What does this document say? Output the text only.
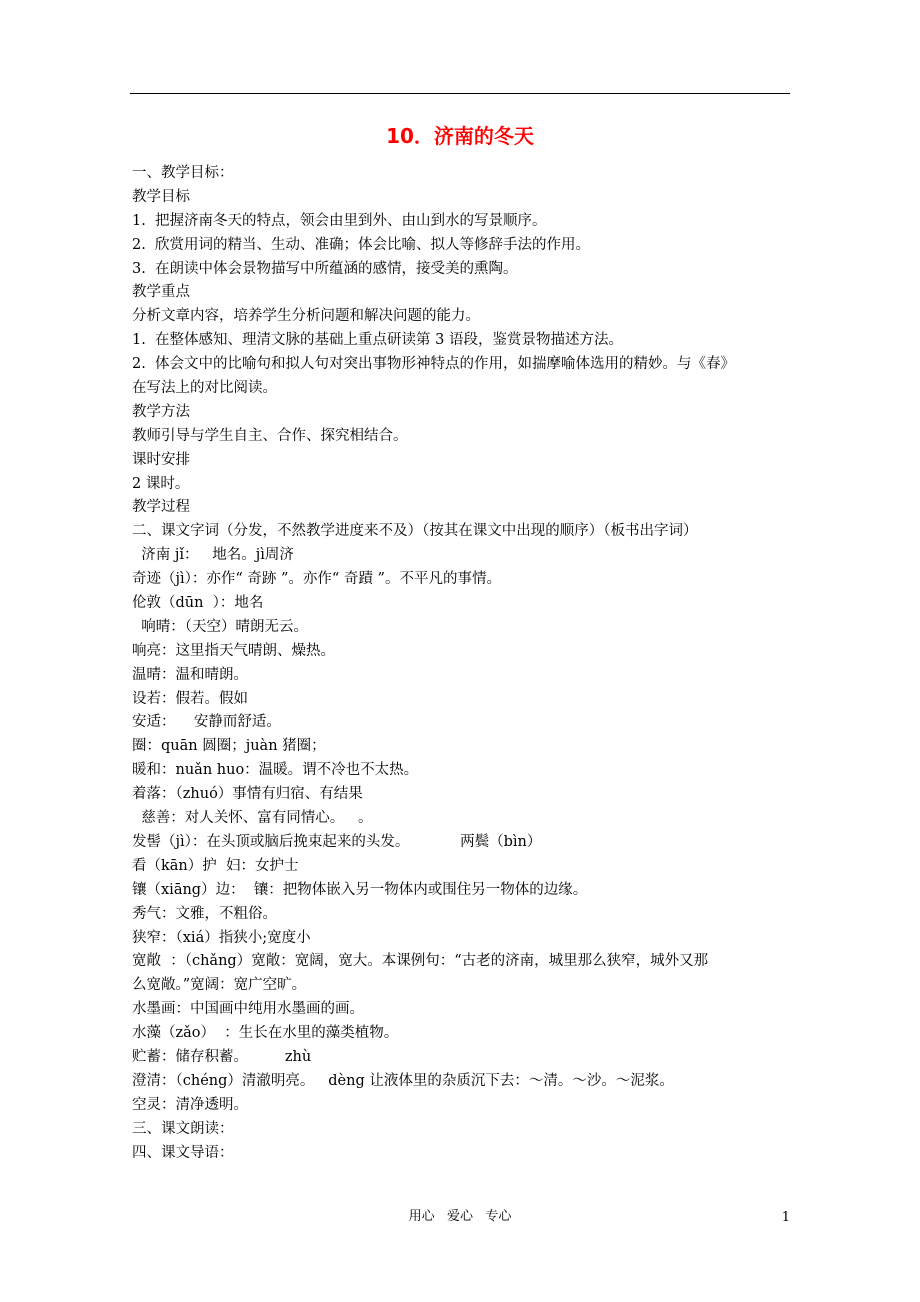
10．济南的冬天
一、教学目标：
教学目标
1.  把握济南冬天的特点，领会由里到外、由山到水的写景顺序。
2.  欣赏用词的精当、生动、准确；体会比喻、拟人等修辞手法的作用。
3.  在朗读中体会景物描写中所蕴涵的感情，接受美的熏陶。
教学重点
分析文章内容，培养学生分析问题和解决问题的能力。
1.  在整体感知、理清文脉的基础上重点研读第 3 语段，鉴赏景物描述方法。
2.  体会文中的比喻句和拟人句对突出事物形神特点的作用，如揣摩喻体选用的精妙。与《春》
在写法上的对比阅读。
教学方法
教师引导与学生自主、合作、探究相结合。
课时安排
2 课时。
教学过程
二、课文字词（分发，不然教学进度来不及）（按其在课文中出现的顺序）（板书出字词）
济南 jǐ：   地名。jì周济
奇迹（jì）：亦作“ 奇跡 ”。亦作“ 奇蹟 ”。不平凡的事情。
伦敦（dūn  ）：地名
响晴：（天空）晴朗无云。
响亮：这里指天气晴朗、燥热。
温晴：温和晴朗。
设若：假若。假如
安适：    安静而舒适。
圈：quān 圆圈；juàn 猪圈；
暖和：nuǎn huo：温暖。谓不冷也不太热。
着落：（zhuó）事情有归宿、有结果
慈善：对人关怀、富有同情心。   。
发髻（jì）：在头顶或脑后挽束起来的头发。           两鬓（bìn）
看（kān）护  妇：女护士
镶（xiāng）边：  镶：把物体嵌入另一物体内或围住另一物体的边缘。
秀气：文雅，不粗俗。
狭窄：（xiá）指狭小;宽度小
宽敞  ：（chǎng）宽敞：宽阔，宽大。本课例句：“古老的济南，城里那么狭窄，城外又那
么宽敞。”宽阔：宽广空旷。
水墨画：中国画中纯用水墨画的画。
水藻（zǎo）  ：生长在水里的藻类植物。
贮蓄：储存积蓄。        zhù
澄清：（chéng）清澈明亮。   dèng 让液体里的杂质沉下去：～清。～沙。～泥浆。
空灵：清净透明。
三、课文朗读：
四、课文导语：
用心   爱心   专心	1
